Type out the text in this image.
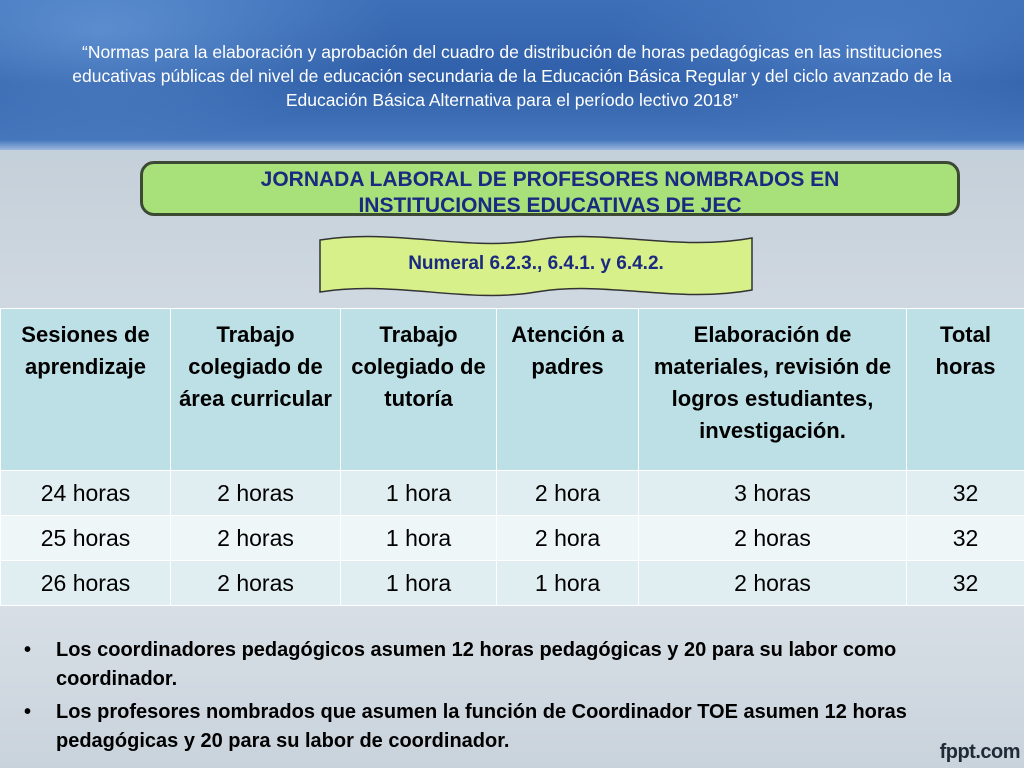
“Normas para la elaboración y aprobación del cuadro de distribución de horas pedagógicas en las instituciones educativas públicas del nivel de educación secundaria de la Educación Básica Regular y del ciclo avanzado de la Educación Básica Alternativa para el período lectivo 2018”
JORNADA LABORAL DE PROFESORES NOMBRADOS EN
INSTITUCIONES EDUCATIVAS DE JEC
Numeral 6.2.3., 6.4.1. y 6.4.2.
Sesiones de aprendizaje	Trabajo colegiado de área curricular	Trabajo colegiado de tutoría	Atención a padres	Elaboración de materiales, revisión de logros estudiantes, investigación.	Total horas
24 horas	2 horas	1 hora	2 hora	3 horas	32
25 horas	2 horas	1 hora	2 hora	2 horas	32
26 horas	2 horas	1 hora	1 hora	2 horas	32
• Los coordinadores pedagógicos asumen 12 horas pedagógicas y 20 para su labor como coordinador.
• Los profesores nombrados que asumen la función de Coordinador TOE asumen 12 horas pedagógicas y 20 para su labor de coordinador.	fppt.com
